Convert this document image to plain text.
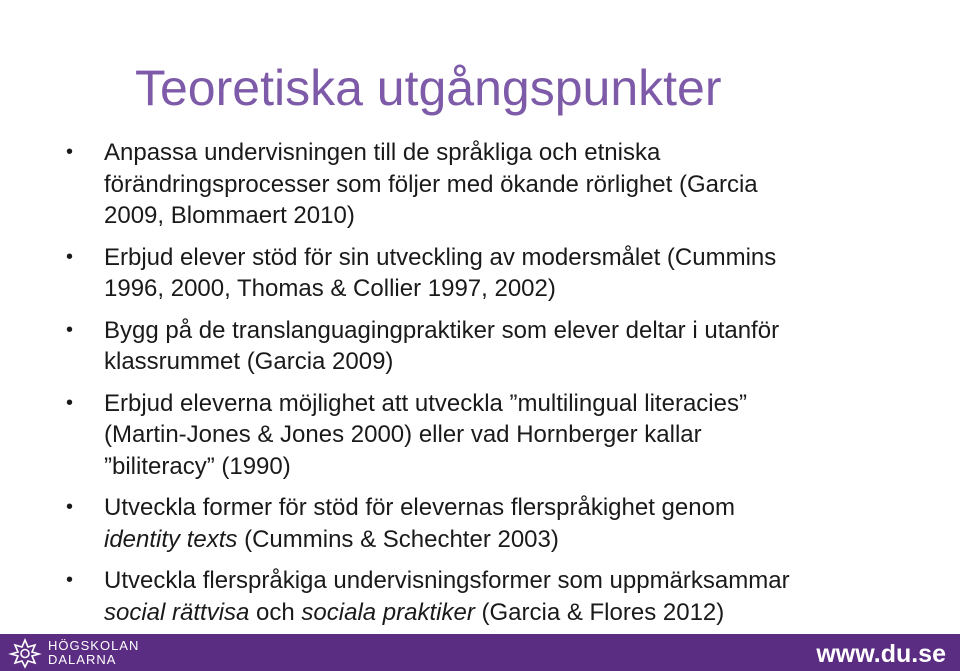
Teoretiska utgångspunkter
• Anpassa undervisningen till de språkliga och etniska
förändringsprocesser som följer med ökande rörlighet (Garcia
2009, Blommaert 2010)
• Erbjud elever stöd för sin utveckling av modersmålet (Cummins
1996, 2000, Thomas & Collier 1997, 2002)
• Bygg på de translanguagingpraktiker som elever deltar i utanför
klassrummet (Garcia 2009)
• Erbjud eleverna möjlighet att utveckla ”multilingual literacies”
(Martin-Jones & Jones 2000) eller vad Hornberger kallar
”biliteracy” (1990)
• Utveckla former för stöd för elevernas flerspråkighet genom
identity texts (Cummins & Schechter 2003)
• Utveckla flerspråkiga undervisningsformer som uppmärksammar
social rättvisa och sociala praktiker (Garcia & Flores 2012)
HÖGSKOLAN
DALARNA	www.du.se
